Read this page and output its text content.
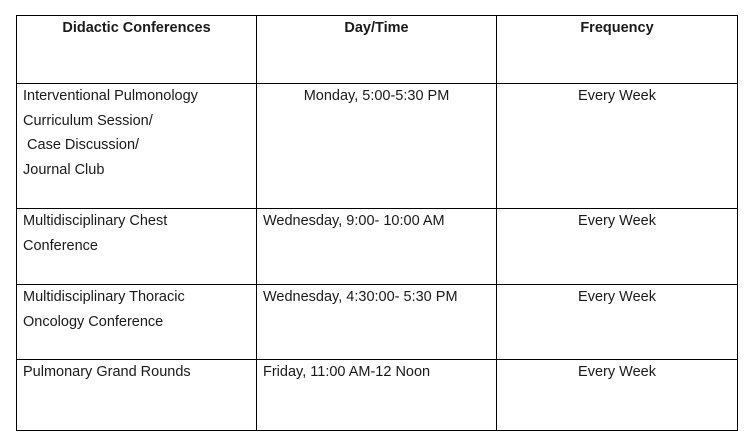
Didactic Conferences	Day/Time	Frequency

Interventional Pulmonology
Curriculum Session/
Case Discussion/
Journal Club	Monday, 5:00-5:30 PM	Every Week

Multidisciplinary Chest
Conference	Wednesday, 9:00- 10:00 AM	Every Week

Multidisciplinary Thoracic
Oncology Conference	Wednesday, 4:30:00- 5:30 PM	Every Week

Pulmonary Grand Rounds	Friday, 11:00 AM-12 Noon	Every Week
